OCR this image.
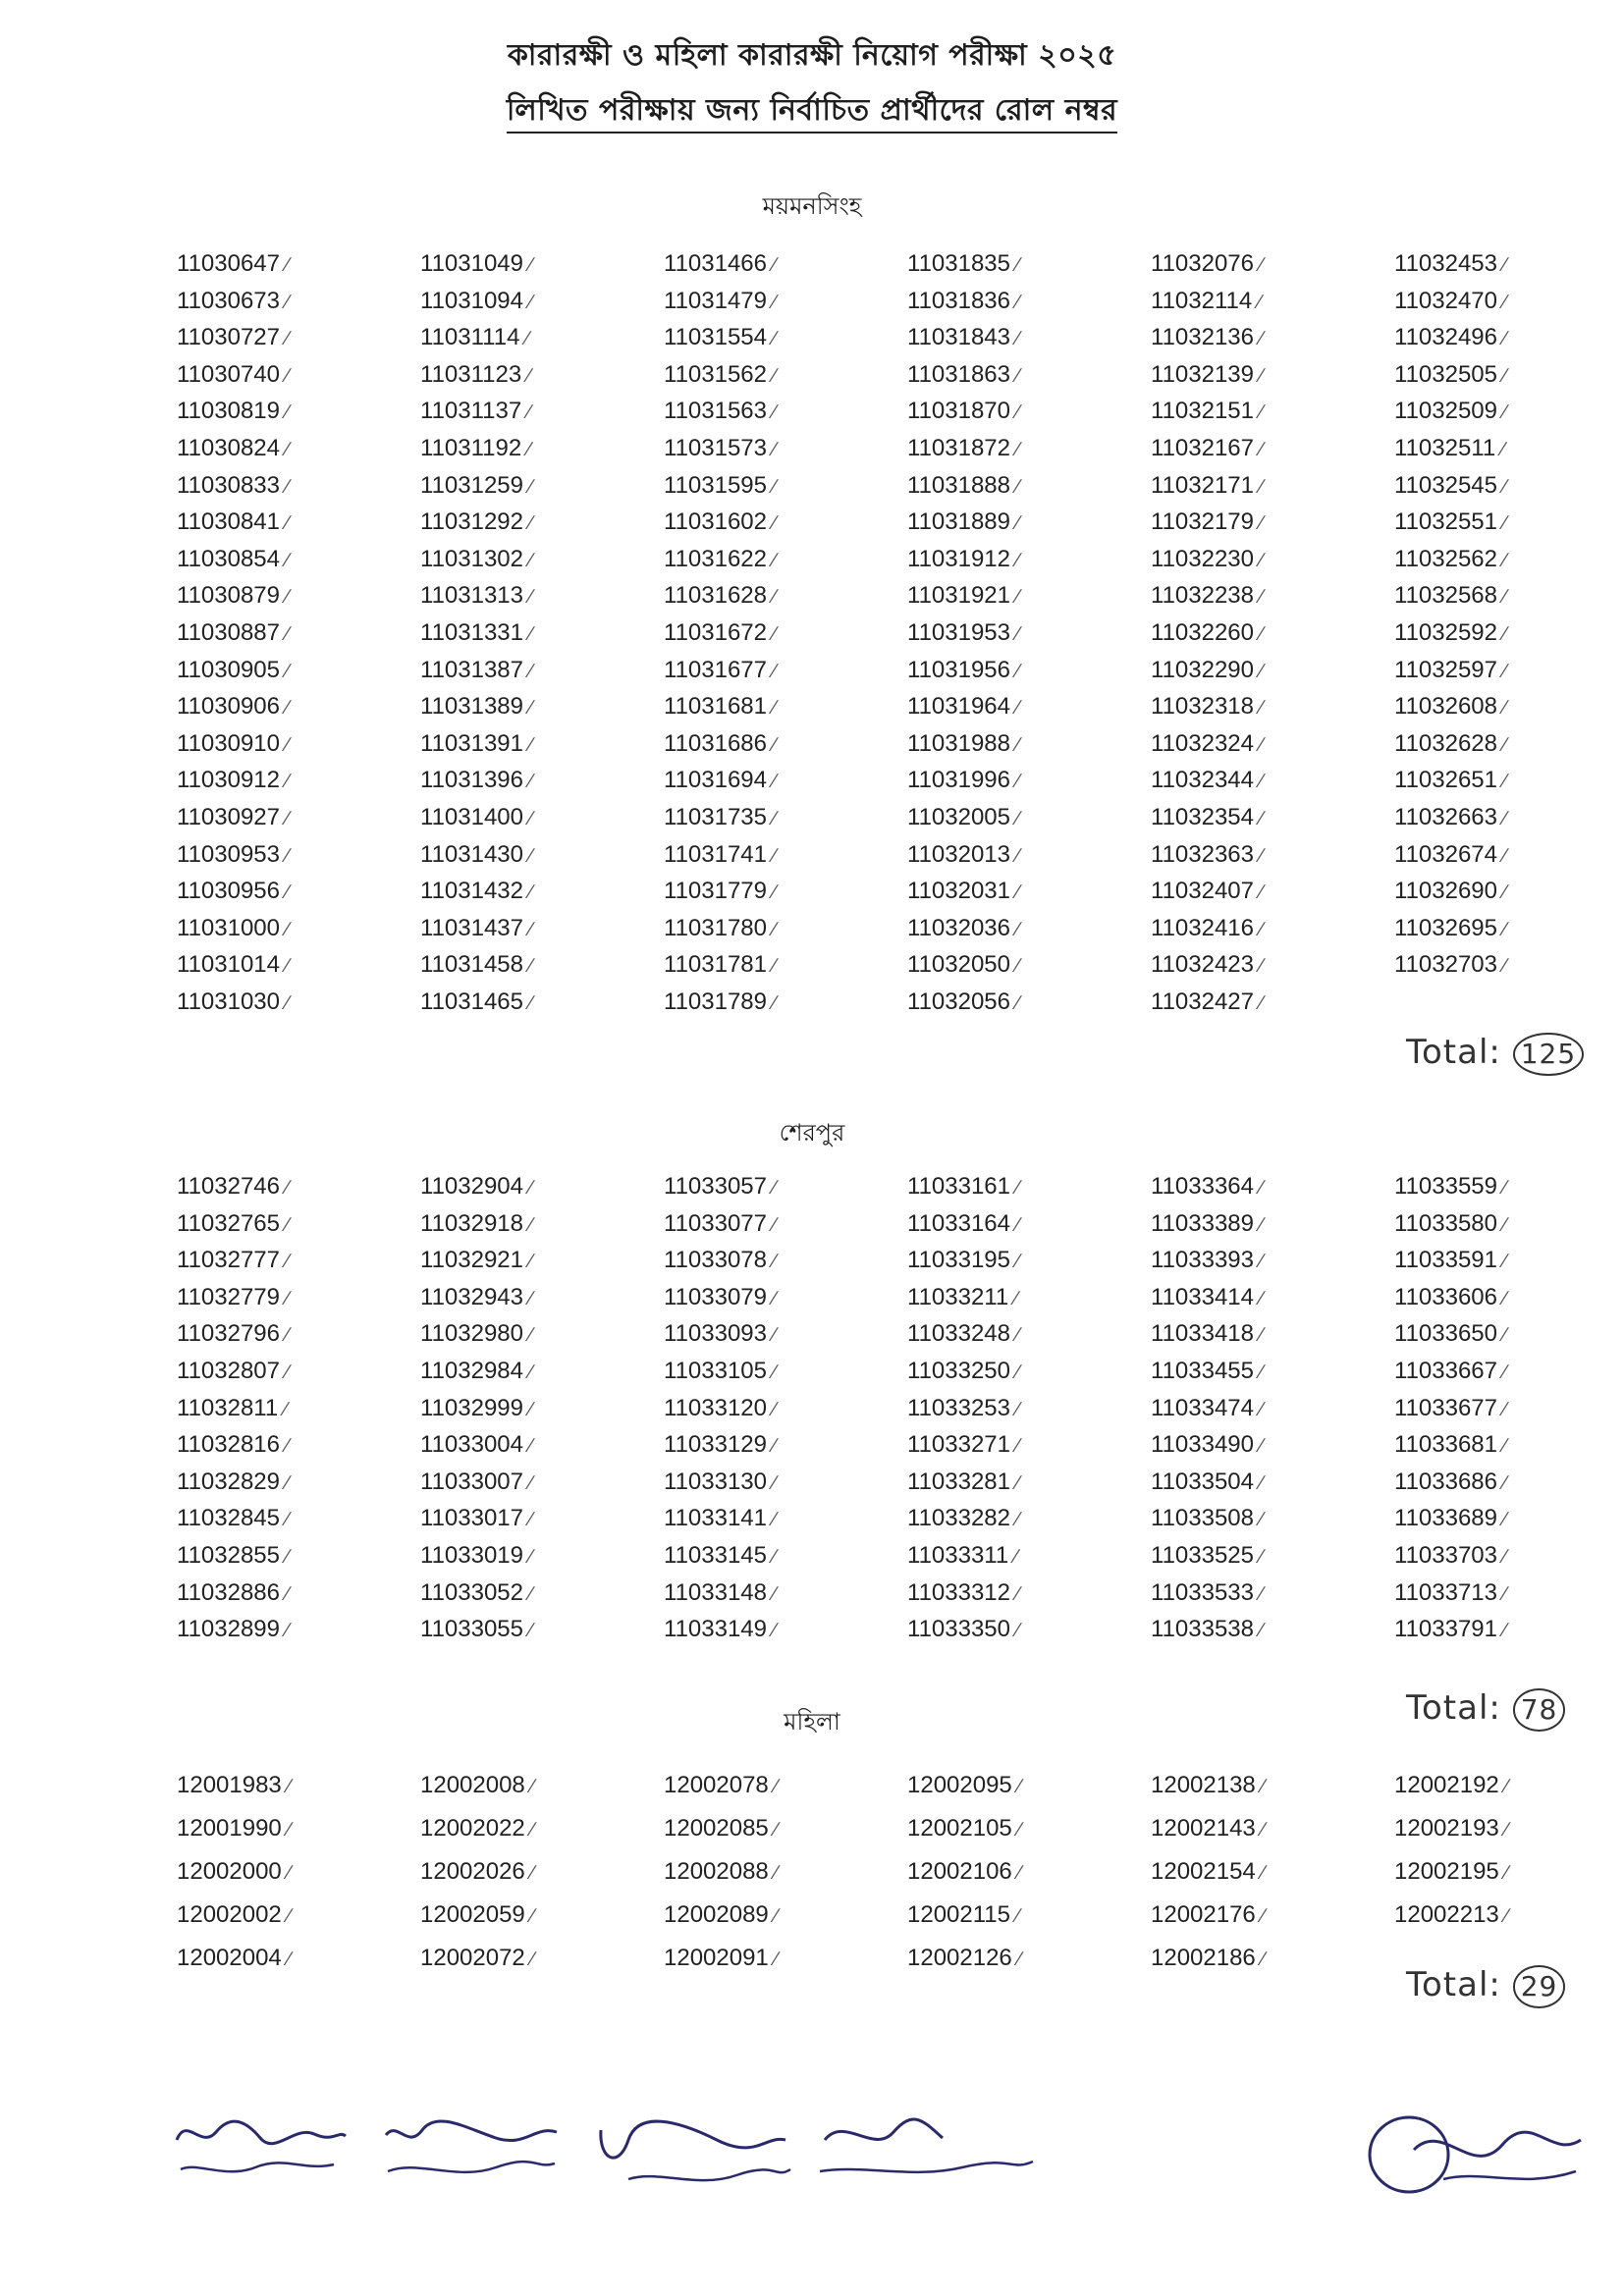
কারারক্ষী ও মহিলা কারারক্ষী নিয়োগ পরীক্ষা ২০২৫
লিখিত পরীক্ষায় জন্য নির্বাচিত প্রার্থীদের রোল নম্বর
ময়মনসিংহ
11030647 ∕
11030673 ∕
11030727 ∕
11030740 ∕
11030819 ∕
11030824 ∕
11030833 ∕
11030841 ∕
11030854 ∕
11030879 ∕
11030887 ∕
11030905 ∕
11030906 ∕
11030910 ∕
11030912 ∕
11030927 ∕
11030953 ∕
11030956 ∕
11031000 ∕
11031014 ∕
11031030 ∕
11031049 ∕
11031094 ∕
11031114 ∕
11031123 ∕
11031137 ∕
11031192 ∕
11031259 ∕
11031292 ∕
11031302 ∕
11031313 ∕
11031331 ∕
11031387 ∕
11031389 ∕
11031391 ∕
11031396 ∕
11031400 ∕
11031430 ∕
11031432 ∕
11031437 ∕
11031458 ∕
11031465 ∕
11031466 ∕
11031479 ∕
11031554 ∕
11031562 ∕
11031563 ∕
11031573 ∕
11031595 ∕
11031602 ∕
11031622 ∕
11031628 ∕
11031672 ∕
11031677 ∕
11031681 ∕
11031686 ∕
11031694 ∕
11031735 ∕
11031741 ∕
11031779 ∕
11031780 ∕
11031781 ∕
11031789 ∕
11031835 ∕
11031836 ∕
11031843 ∕
11031863 ∕
11031870 ∕
11031872 ∕
11031888 ∕
11031889 ∕
11031912 ∕
11031921 ∕
11031953 ∕
11031956 ∕
11031964 ∕
11031988 ∕
11031996 ∕
11032005 ∕
11032013 ∕
11032031 ∕
11032036 ∕
11032050 ∕
11032056 ∕
11032076 ∕
11032114 ∕
11032136 ∕
11032139 ∕
11032151 ∕
11032167 ∕
11032171 ∕
11032179 ∕
11032230 ∕
11032238 ∕
11032260 ∕
11032290 ∕
11032318 ∕
11032324 ∕
11032344 ∕
11032354 ∕
11032363 ∕
11032407 ∕
11032416 ∕
11032423 ∕
11032427 ∕
11032453 ∕
11032470 ∕
11032496 ∕
11032505 ∕
11032509 ∕
11032511 ∕
11032545 ∕
11032551 ∕
11032562 ∕
11032568 ∕
11032592 ∕
11032597 ∕
11032608 ∕
11032628 ∕
11032651 ∕
11032663 ∕
11032674 ∕
11032690 ∕
11032695 ∕
11032703 ∕
Total: 125
শেরপুর
11032746 ∕
11032765 ∕
11032777 ∕
11032779 ∕
11032796 ∕
11032807 ∕
11032811 ∕
11032816 ∕
11032829 ∕
11032845 ∕
11032855 ∕
11032886 ∕
11032899 ∕
11032904 ∕
11032918 ∕
11032921 ∕
11032943 ∕
11032980 ∕
11032984 ∕
11032999 ∕
11033004 ∕
11033007 ∕
11033017 ∕
11033019 ∕
11033052 ∕
11033055 ∕
11033057 ∕
11033077 ∕
11033078 ∕
11033079 ∕
11033093 ∕
11033105 ∕
11033120 ∕
11033129 ∕
11033130 ∕
11033141 ∕
11033145 ∕
11033148 ∕
11033149 ∕
11033161 ∕
11033164 ∕
11033195 ∕
11033211 ∕
11033248 ∕
11033250 ∕
11033253 ∕
11033271 ∕
11033281 ∕
11033282 ∕
11033311 ∕
11033312 ∕
11033350 ∕
11033364 ∕
11033389 ∕
11033393 ∕
11033414 ∕
11033418 ∕
11033455 ∕
11033474 ∕
11033490 ∕
11033504 ∕
11033508 ∕
11033525 ∕
11033533 ∕
11033538 ∕
11033559 ∕
11033580 ∕
11033591 ∕
11033606 ∕
11033650 ∕
11033667 ∕
11033677 ∕
11033681 ∕
11033686 ∕
11033689 ∕
11033703 ∕
11033713 ∕
11033791 ∕
Total: 78
মহিলা
12001983 ∕
12001990 ∕
12002000 ∕
12002002 ∕
12002004 ∕
12002008 ∕
12002022 ∕
12002026 ∕
12002059 ∕
12002072 ∕
12002078 ∕
12002085 ∕
12002088 ∕
12002089 ∕
12002091 ∕
12002095 ∕
12002105 ∕
12002106 ∕
12002115 ∕
12002126 ∕
12002138 ∕
12002143 ∕
12002154 ∕
12002176 ∕
12002186 ∕
12002192 ∕
12002193 ∕
12002195 ∕
12002213 ∕
Total: 29
